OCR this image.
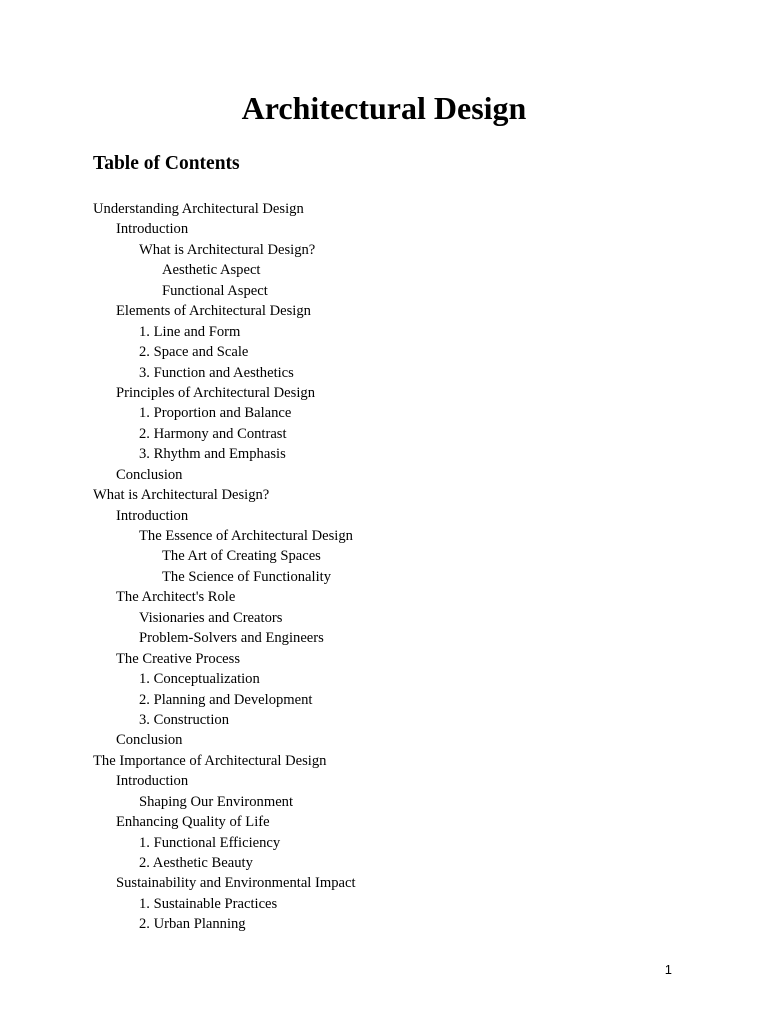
Architectural Design
Table of Contents
Understanding Architectural Design
Introduction
What is Architectural Design?
Aesthetic Aspect
Functional Aspect
Elements of Architectural Design
1. Line and Form
2. Space and Scale
3. Function and Aesthetics
Principles of Architectural Design
1. Proportion and Balance
2. Harmony and Contrast
3. Rhythm and Emphasis
Conclusion
What is Architectural Design?
Introduction
The Essence of Architectural Design
The Art of Creating Spaces
The Science of Functionality
The Architect's Role
Visionaries and Creators
Problem-Solvers and Engineers
The Creative Process
1. Conceptualization
2. Planning and Development
3. Construction
Conclusion
The Importance of Architectural Design
Introduction
Shaping Our Environment
Enhancing Quality of Life
1. Functional Efficiency
2. Aesthetic Beauty
Sustainability and Environmental Impact
1. Sustainable Practices
2. Urban Planning
1
